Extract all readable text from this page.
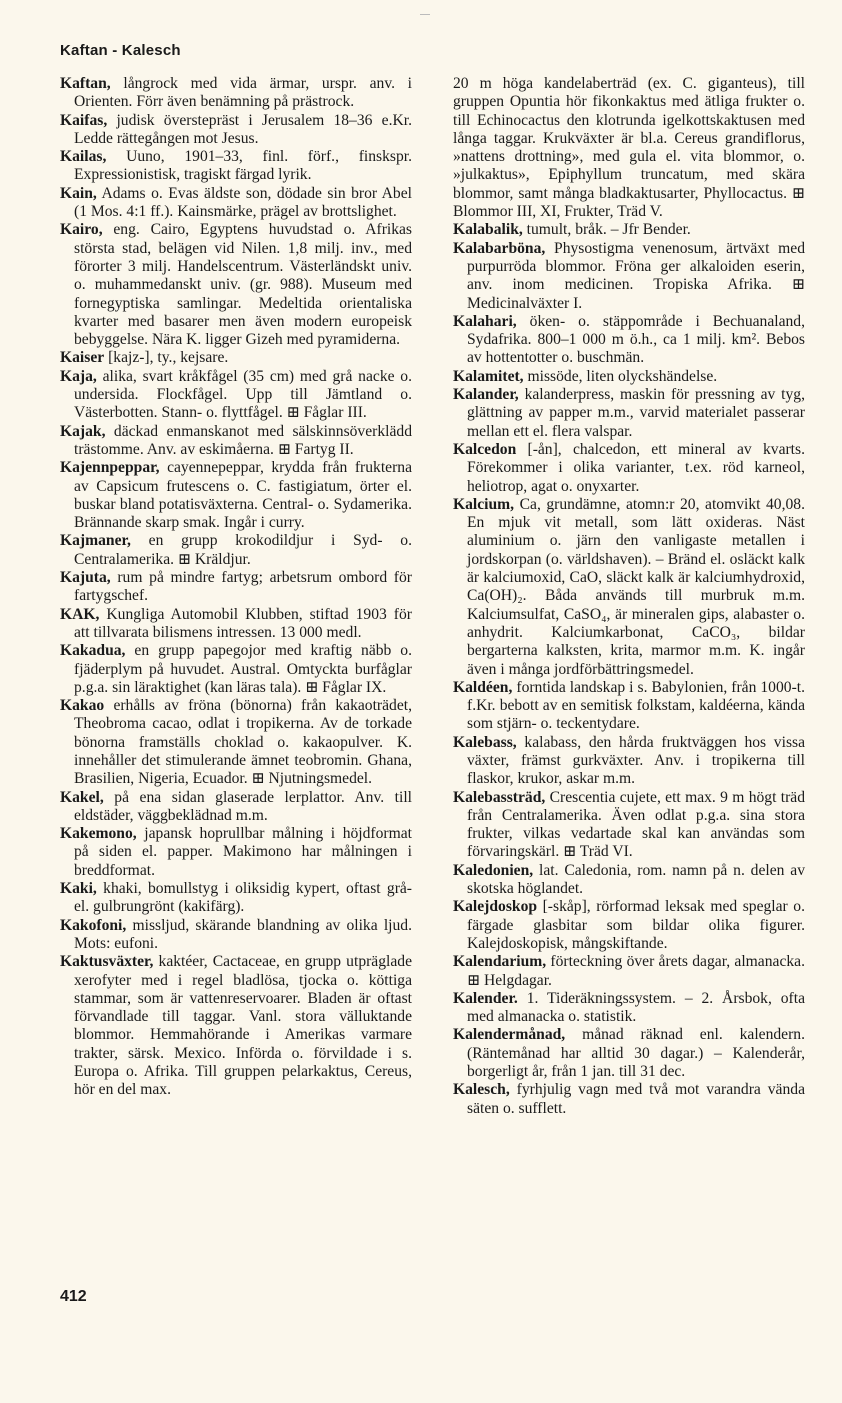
Kaftan - Kalesch

Kaftan, långrock med vida ärmar, urspr. anv. i Orienten. Förr även benämning på prästrock.

Kaifas, judisk överstepräst i Jerusalem 18–36 e.Kr. Ledde rättegången mot Jesus.

Kailas, Uuno, 1901–33, finl. förf., finskspr. Expressionistisk, tragiskt färgad lyrik.

Kain, Adams o. Evas äldste son, dödade sin bror Abel (1 Mos. 4:1 ff.). Kainsmärke, prägel av brottslighet.

Kairo, eng. Cairo, Egyptens huvudstad o. Afrikas största stad, belägen vid Nilen. 1,8 milj. inv., med förorter 3 milj. Handelscentrum. Västerländskt univ. o. muhammedanskt univ. (gr. 988). Museum med fornegyptiska samlingar. Medeltida orientaliska kvarter med basarer men även modern europeisk bebyggelse. Nära K. ligger Gizeh med pyramiderna.

Kaiser [kajz-], ty., kejsare.

Kaja, alika, svart kråkfågel (35 cm) med grå nacke o. undersida. Flockfågel. Upp till Jämtland o. Västerbotten. Stann- o. flyttfågel. ⊞ Fåglar III.

Kajak, däckad enmanskanot med sälskinnsöverklädd trästomme. Anv. av eskimåerna. ⊞ Fartyg II.

Kajennpeppar, cayennepeppar, krydda från frukterna av Capsicum frutescens o. C. fastigiatum, örter el. buskar bland potatisväxterna. Central- o. Sydamerika. Brännande skarp smak. Ingår i curry.

Kajmaner, en grupp krokodildjur i Syd- o. Centralamerika. ⊞ Kräldjur.

Kajuta, rum på mindre fartyg; arbetsrum ombord för fartygschef.

KAK, Kungliga Automobil Klubben, stiftad 1903 för att tillvarata bilismens intressen. 13 000 medl.

Kakadua, en grupp papegojor med kraftig näbb o. fjäderplym på huvudet. Austral. Omtyckta burfåglar p.g.a. sin läraktighet (kan läras tala). ⊞ Fåglar IX.

Kakao erhålls av fröna (bönorna) från kakaoträdet, Theobroma cacao, odlat i tropikerna. Av de torkade bönorna framställs choklad o. kakaopulver. K. innehåller det stimulerande ämnet teobromin. Ghana, Brasilien, Nigeria, Ecuador. ⊞ Njutningsmedel.

Kakel, på ena sidan glaserade lerplattor. Anv. till eldstäder, väggbeklädnad m.m.

Kakemono, japansk hoprullbar målning i höjdformat på siden el. papper. Makimono har målningen i breddformat.

Kaki, khaki, bomullstyg i oliksidig kypert, oftast grå- el. gulbrungrönt (kakifärg).

Kakofoni, missljud, skärande blandning av olika ljud. Mots: eufoni.

Kaktusväxter, kaktéer, Cactaceae, en grupp utpräglade xerofyter med i regel bladlösa, tjocka o. köttiga stammar, som är vattenreservoarer. Bladen är oftast förvandlade till taggar. Vanl. stora välluktande blommor. Hemmahörande i Amerikas varmare trakter, särsk. Mexico. Införda o. förvildade i s. Europa o. Afrika. Till gruppen pelarkaktus, Cereus, hör en del max.

20 m höga kandelaberträd (ex. C. giganteus), till gruppen Opuntia hör fikonkaktus med ätliga frukter o. till Echinocactus den klotrunda igelkottskaktusen med långa taggar. Krukväxter är bl.a. Cereus grandiflorus, »nattens drottning», med gula el. vita blommor, o. »julkaktus», Epiphyllum truncatum, med skära blommor, samt många bladkaktusarter, Phyllocactus. ⊞ Blommor III, XI, Frukter, Träd V.

Kalabalik, tumult, bråk. – Jfr Bender.

Kalabarböna, Physostigma venenosum, ärtväxt med purpurröda blommor. Fröna ger alkaloiden eserin, anv. inom medicinen. Tropiska Afrika. ⊞ Medicinalväxter I.

Kalahari, öken- o. stäppområde i Bechuanaland, Sydafrika. 800–1 000 m ö.h., ca 1 milj. km². Bebos av hottentotter o. buschmän.

Kalamitet, missöde, liten olyckshändelse.

Kalander, kalanderpress, maskin för pressning av tyg, glättning av papper m.m., varvid materialet passerar mellan ett el. flera valspar.

Kalcedon [-ån], chalcedon, ett mineral av kvarts. Förekommer i olika varianter, t.ex. röd karneol, heliotrop, agat o. onyxarter.

Kalcium, Ca, grundämne, atomn:r 20, atomvikt 40,08. En mjuk vit metall, som lätt oxideras. Näst aluminium o. järn den vanligaste metallen i jordskorpan (o. världshaven). – Bränd el. osläckt kalk är kalciumoxid, CaO, släckt kalk är kalciumhydroxid, Ca(OH)₂. Båda används till murbruk m.m. Kalciumsulfat, CaSO₄, är mineralen gips, alabaster o. anhydrit. Kalciumkarbonat, CaCO₃, bildar bergarterna kalksten, krita, marmor m.m. K. ingår även i många jordförbättringsmedel.

Kaldéen, forntida landskap i s. Babylonien, från 1000-t. f.Kr. bebott av en semitisk folkstam, kaldéerna, kända som stjärn- o. teckentydare.

Kalebass, kalabass, den hårda fruktväggen hos vissa växter, främst gurkväxter. Anv. i tropikerna till flaskor, krukor, askar m.m.

Kalebassträd, Crescentia cujete, ett max. 9 m högt träd från Centralamerika. Även odlat p.g.a. sina stora frukter, vilkas vedartade skal kan användas som förvaringskärl. ⊞ Träd VI.

Kaledonien, lat. Caledonia, rom. namn på n. delen av skotska höglandet.

Kalejdoskop [-skåp], rörformad leksak med speglar o. färgade glasbitar som bildar olika figurer. Kalejdoskopisk, mångskiftande.

Kalendarium, förteckning över årets dagar, almanacka. ⊞ Helgdagar.

Kalender. 1. Tideräkningssystem. – 2. Årsbok, ofta med almanacka o. statistik.

Kalendermånad, månad räknad enl. kalendern. (Räntemånad har alltid 30 dagar.) – Kalenderår, borgerligt år, från 1 jan. till 31 dec.

Kalesch, fyrhjulig vagn med två mot varandra vända säten o. sufflett.

412
